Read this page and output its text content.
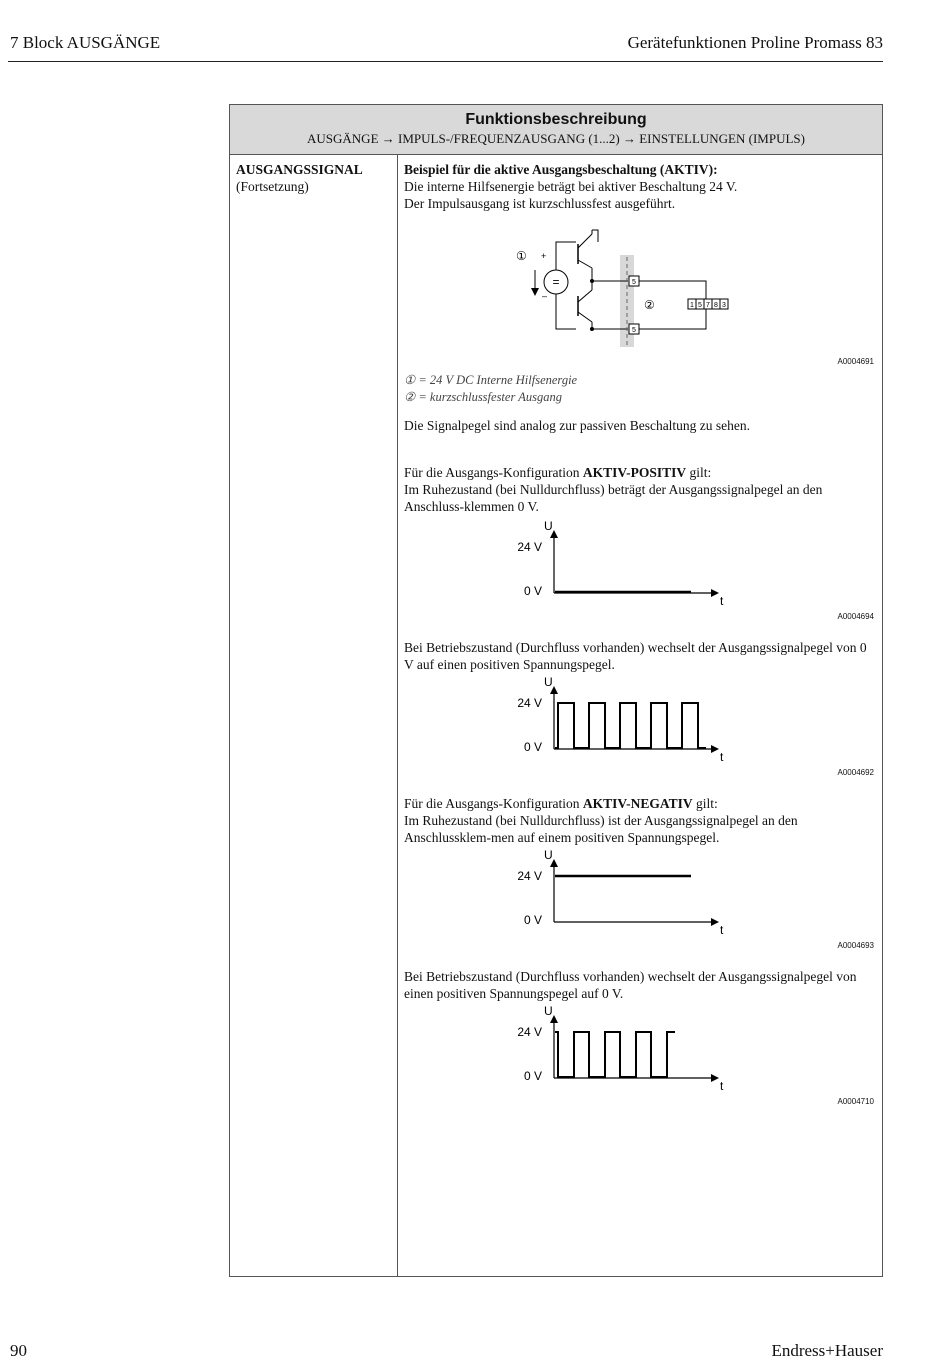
7 Block AUSGÄNGE	Gerätefunktionen Proline Promass 83
Funktionsbeschreibung
AUSGÄNGE → IMPULS-/FREQUENZAUSGANG (1...2) → EINSTELLUNGEN (IMPULS)
AUSGANGSSIGNAL
(Fortsetzung)

Beispiel für die aktive Ausgangsbeschaltung (AKTIV):

Die interne Hilfsenergie beträgt bei aktiver Beschaltung 24 V.

Der Impulsausgang ist kurzschlussfest ausgeführt.

① +
–
=	5
5
②	1 5 7 8 3
A0004691

① = 24 V DC Interne Hilfsenergie

② = kurzschlussfester Ausgang

Die Signalpegel sind analog zur passiven Beschaltung zu sehen.

Für die Ausgangs-Konfiguration AKTIV-POSITIV gilt:

Im Ruhezustand (bei Nulldurchfluss) beträgt der Ausgangssignalpegel an den Anschluss-klemmen 0 V.

U
t
24 V
0 V
A0004694

Bei Betriebszustand (Durchfluss vorhanden) wechselt der Ausgangssignalpegel von 0 V auf einen positiven Spannungspegel.

U
t
24 V
0 V
A0004692

Für die Ausgangs-Konfiguration AKTIV-NEGATIV gilt:

Im Ruhezustand (bei Nulldurchfluss) ist der Ausgangssignalpegel an den Anschlussklem-men auf einem positiven Spannungspegel.

U
t
24 V
0 V
A0004693

Bei Betriebszustand (Durchfluss vorhanden) wechselt der Ausgangssignalpegel von einen positiven Spannungspegel auf 0 V.

U
t
24 V
0 V
A0004710
90	Endress+Hauser
